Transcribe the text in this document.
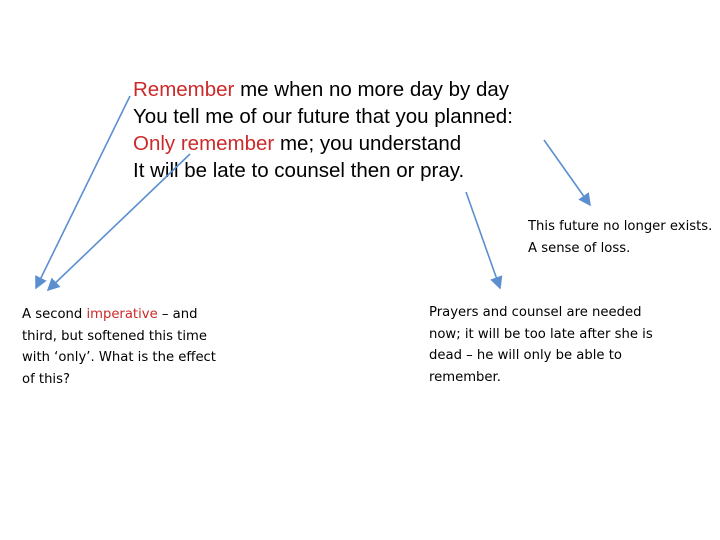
Remember me when no more day by day
You tell me of our future that you planned:
Only remember me; you understand
It will be late to counsel then or pray.
This future no longer exists. A sense of loss.
Prayers and counsel are needed now; it will be too late after she is dead – he will only be able to remember.
A second imperative – and third, but softened this time with ‘only’. What is the effect of this?
